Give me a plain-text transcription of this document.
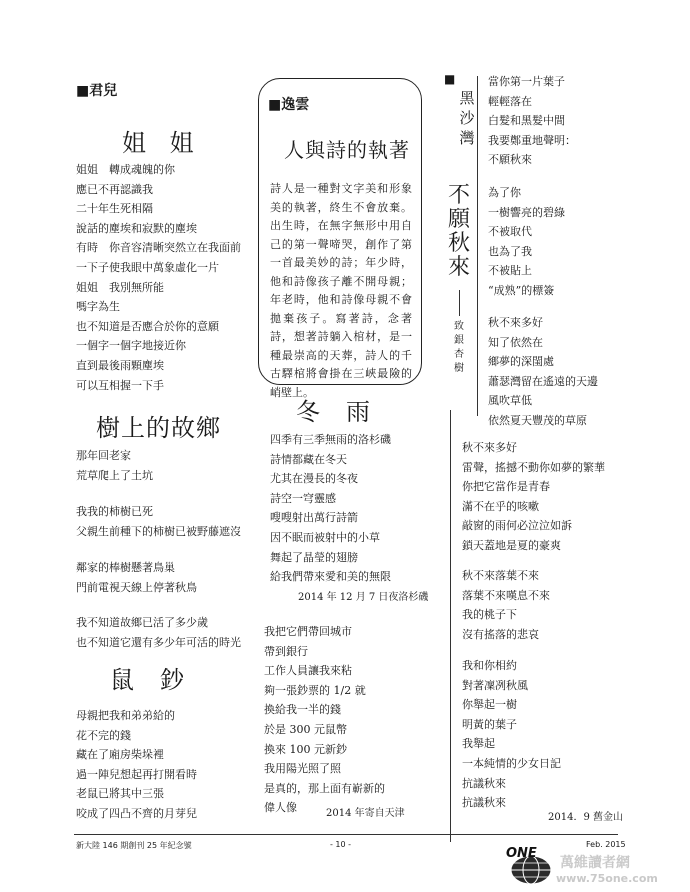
■君兒
姐 姐
姐姐　轉成魂魄的你
應已不再認識我
二十年生死相隔
說話的塵埃和寂默的塵埃
有時　你音容清晰突然立在我面前
一下子使我眼中萬象虛化一片
姐姐　我別無所能
嗎字為生
也不知道是否應合於你的意願
一個字一個字地接近你
直到最後雨顆塵埃
可以互相握一下手
樹上的故鄉
那年回老家
荒草爬上了土坑
我我的柿樹已死
父親生前種下的柿樹已被野藤遮沒
鄰家的棒樹懸著鳥巢
門前電視天線上停著秋鳥
我不知道故鄉已活了多少歲
也不知道它還有多少年可活的時光
鼠　鈔
母親把我和弟弟給的
花不完的錢
藏在了廂房柴垛裡
過一陣兒想起再打開看時
老鼠已將其中三張
咬成了四凸不齊的月芽兒
■逸雲
人與詩的執著
詩人是一種對文字美和形象美的執著，終生不會放棄。出生時，在無字無形中用自己的第一聲啼哭，創作了第一首最美妙的詩；年少時，他和詩像孩子離不開母親；年老時，他和詩像母親不會拋棄孩子。寫著詩，念著詩，想著詩躺入棺材，是一種最崇高的天葬，詩人的千古驛棺將會掛在三峽最險的峭壁上。
冬　雨
四季有三季無雨的洛杉磯
詩情都藏在冬天
尤其在漫長的冬夜
詩空一穹靈感
嗖嗖射出萬行詩箭
因不眠而被射中的小草
舞起了晶瑩的翅膀
給我們帶來愛和美的無限
2014 年 12 月 7 日夜洛杉磯
我把它們帶回城市
帶到銀行
工作人員讓我來粘
夠一張鈔票的 1/2 就
換給我一半的錢
於是 300 元鼠幣
換來 100 元新鈔
我用陽光照了照
是真的，那上面有嶄新的
偉人像	2014 年寄自天津
■
黑沙灣
不願秋來
致銀杏樹
當你第一片葉子
輕輕落在
白髮和黑髮中間
我要鄭重地聲明：
不願秋來
為了你
一樹響亮的碧綠
不被取代
也為了我
不被貼上
“成熟”的標簽
秋不來多好
知了依然在
鄉夢的深閨處
蕭瑟灣留在遙遠的天邊
風吹草低
依然夏天豐茂的草原
秋不來多好
雷聲，搖撼不動你如夢的繁華
你把它當作是青春
滿不在乎的咳嗽
敲窗的雨何必泣泣如訴
鎖天蓋地是夏的豪爽
秋不來落葉不來
落葉不來嘆息不來
我的桃子下
沒有搖落的悲哀
我和你相約
對著凜冽秋風
你舉起一樹
明黃的葉子
我舉起
一本純情的少女日記
抗議秋來
抗議秋來
2014．9 舊金山
新大陸 146 期創刊 25 年紀念號	- 10 -	Feb. 2015
ONE
萬維讀者網
www.75one.com
